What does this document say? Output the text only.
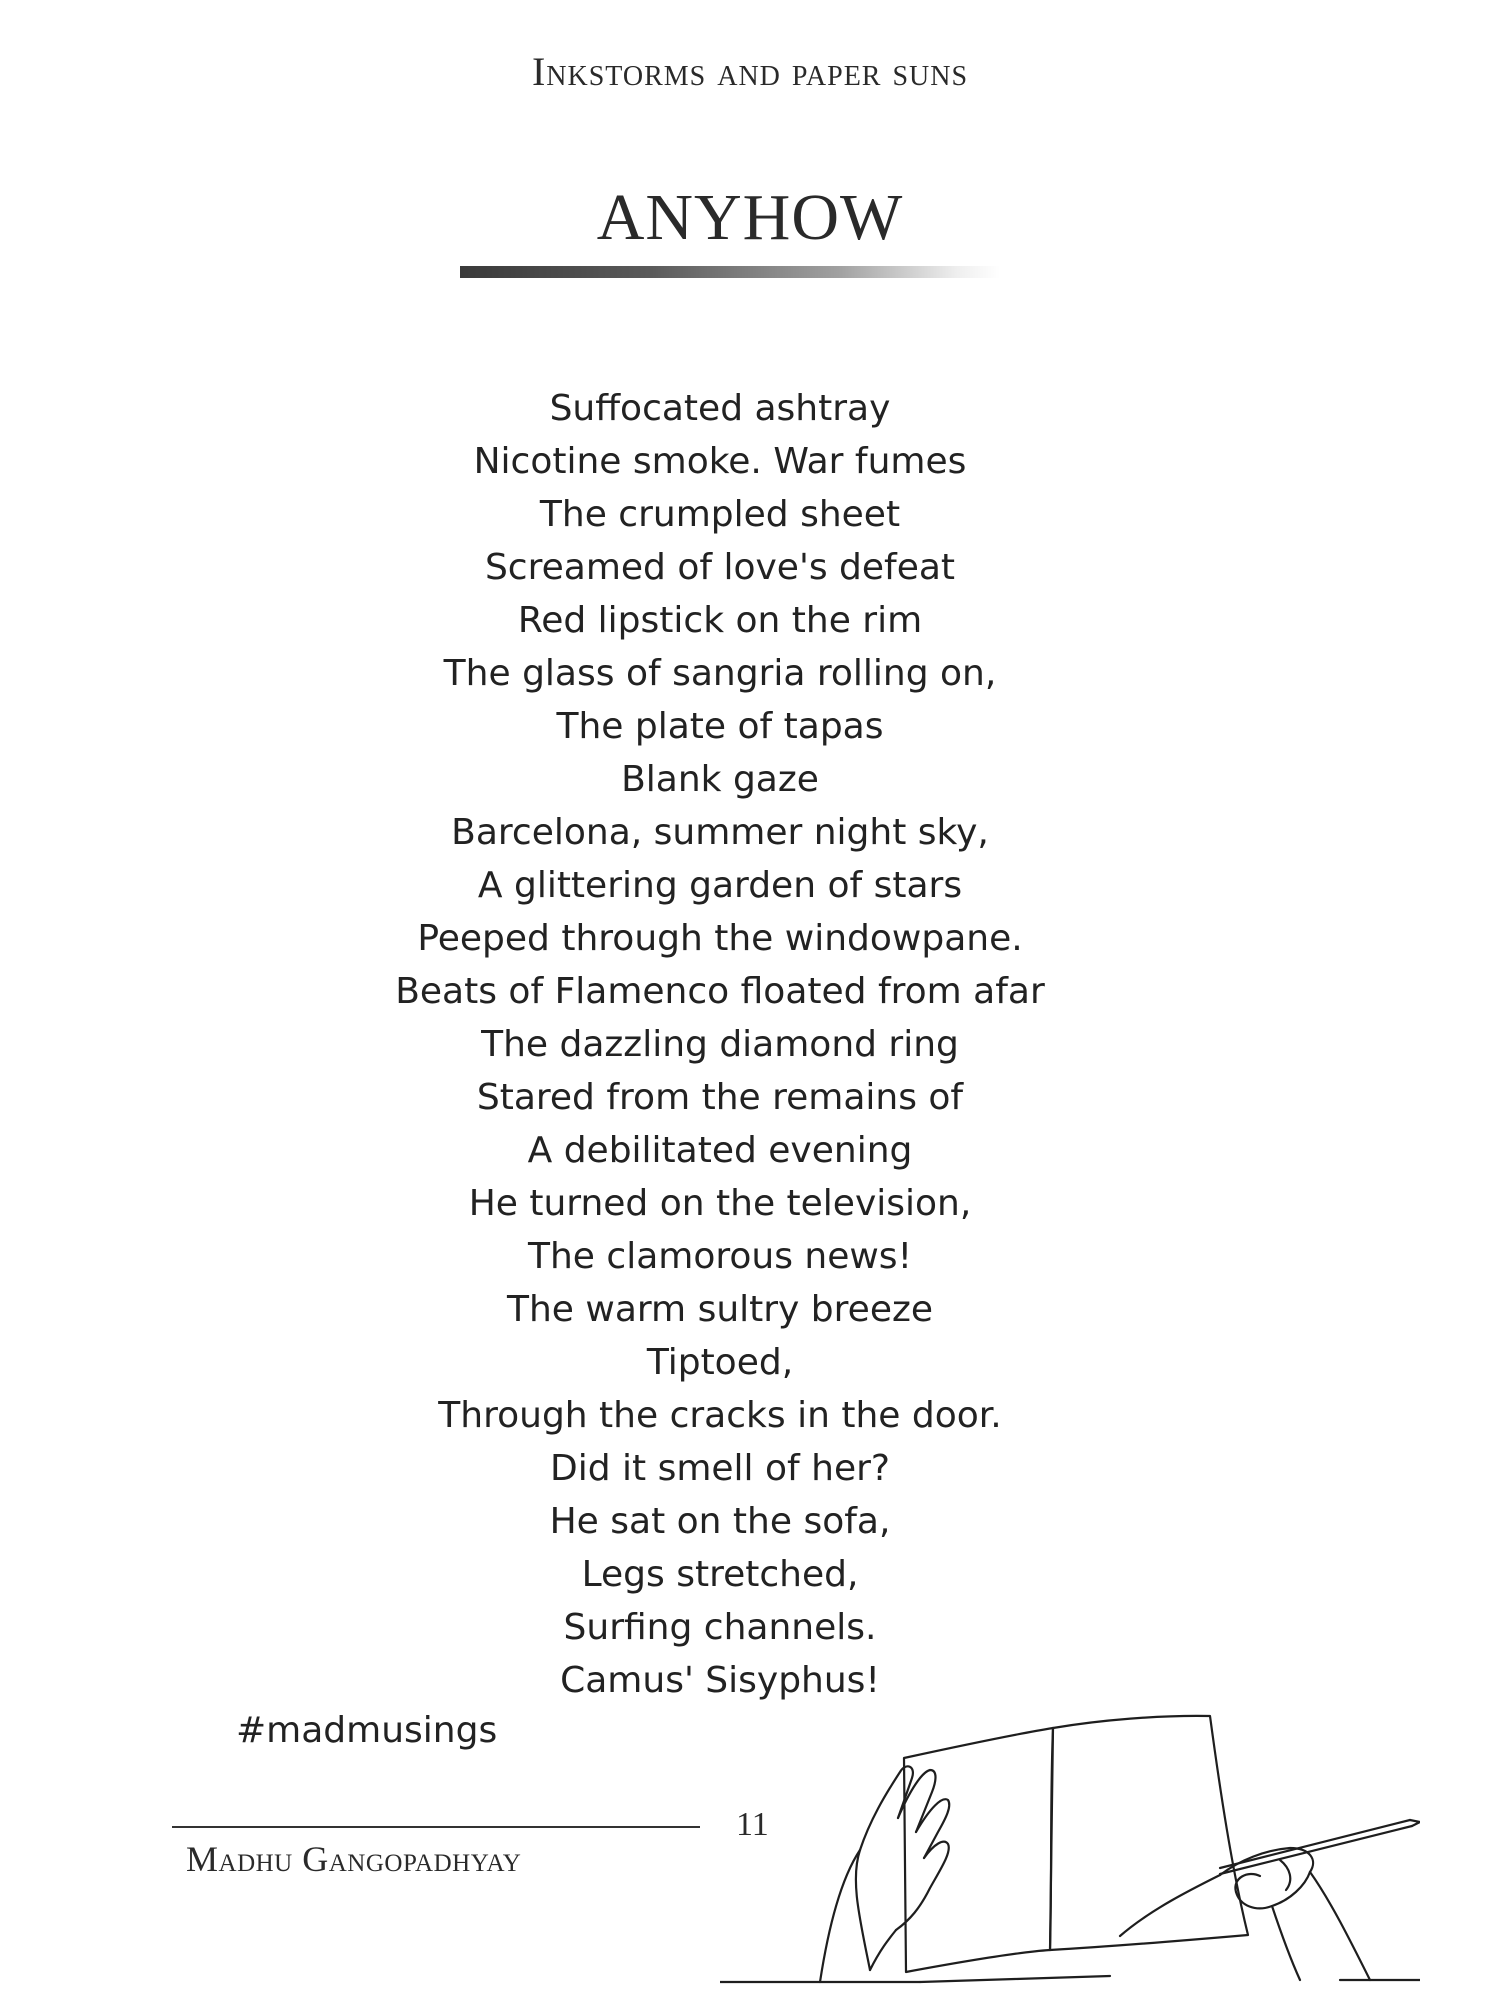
Inkstorms and paper suns
ANYHOW
Suffocated ashtray
Nicotine smoke. War fumes
The crumpled sheet
Screamed of love's defeat
Red lipstick on the rim
The glass of sangria rolling on,
The plate of tapas
Blank gaze
Barcelona, summer night sky,
A glittering garden of stars
Peeped through the windowpane.
Beats of Flamenco floated from afar
The dazzling diamond ring
Stared from the remains of
A debilitated evening
He turned on the television,
The clamorous news!
The warm sultry breeze
Tiptoed,
Through the cracks in the door.
Did it smell of her?
He sat on the sofa,
Legs stretched,
Surfing channels.
Camus' Sisyphus!
#madmusings
Madhu Gangopadhyay
11
